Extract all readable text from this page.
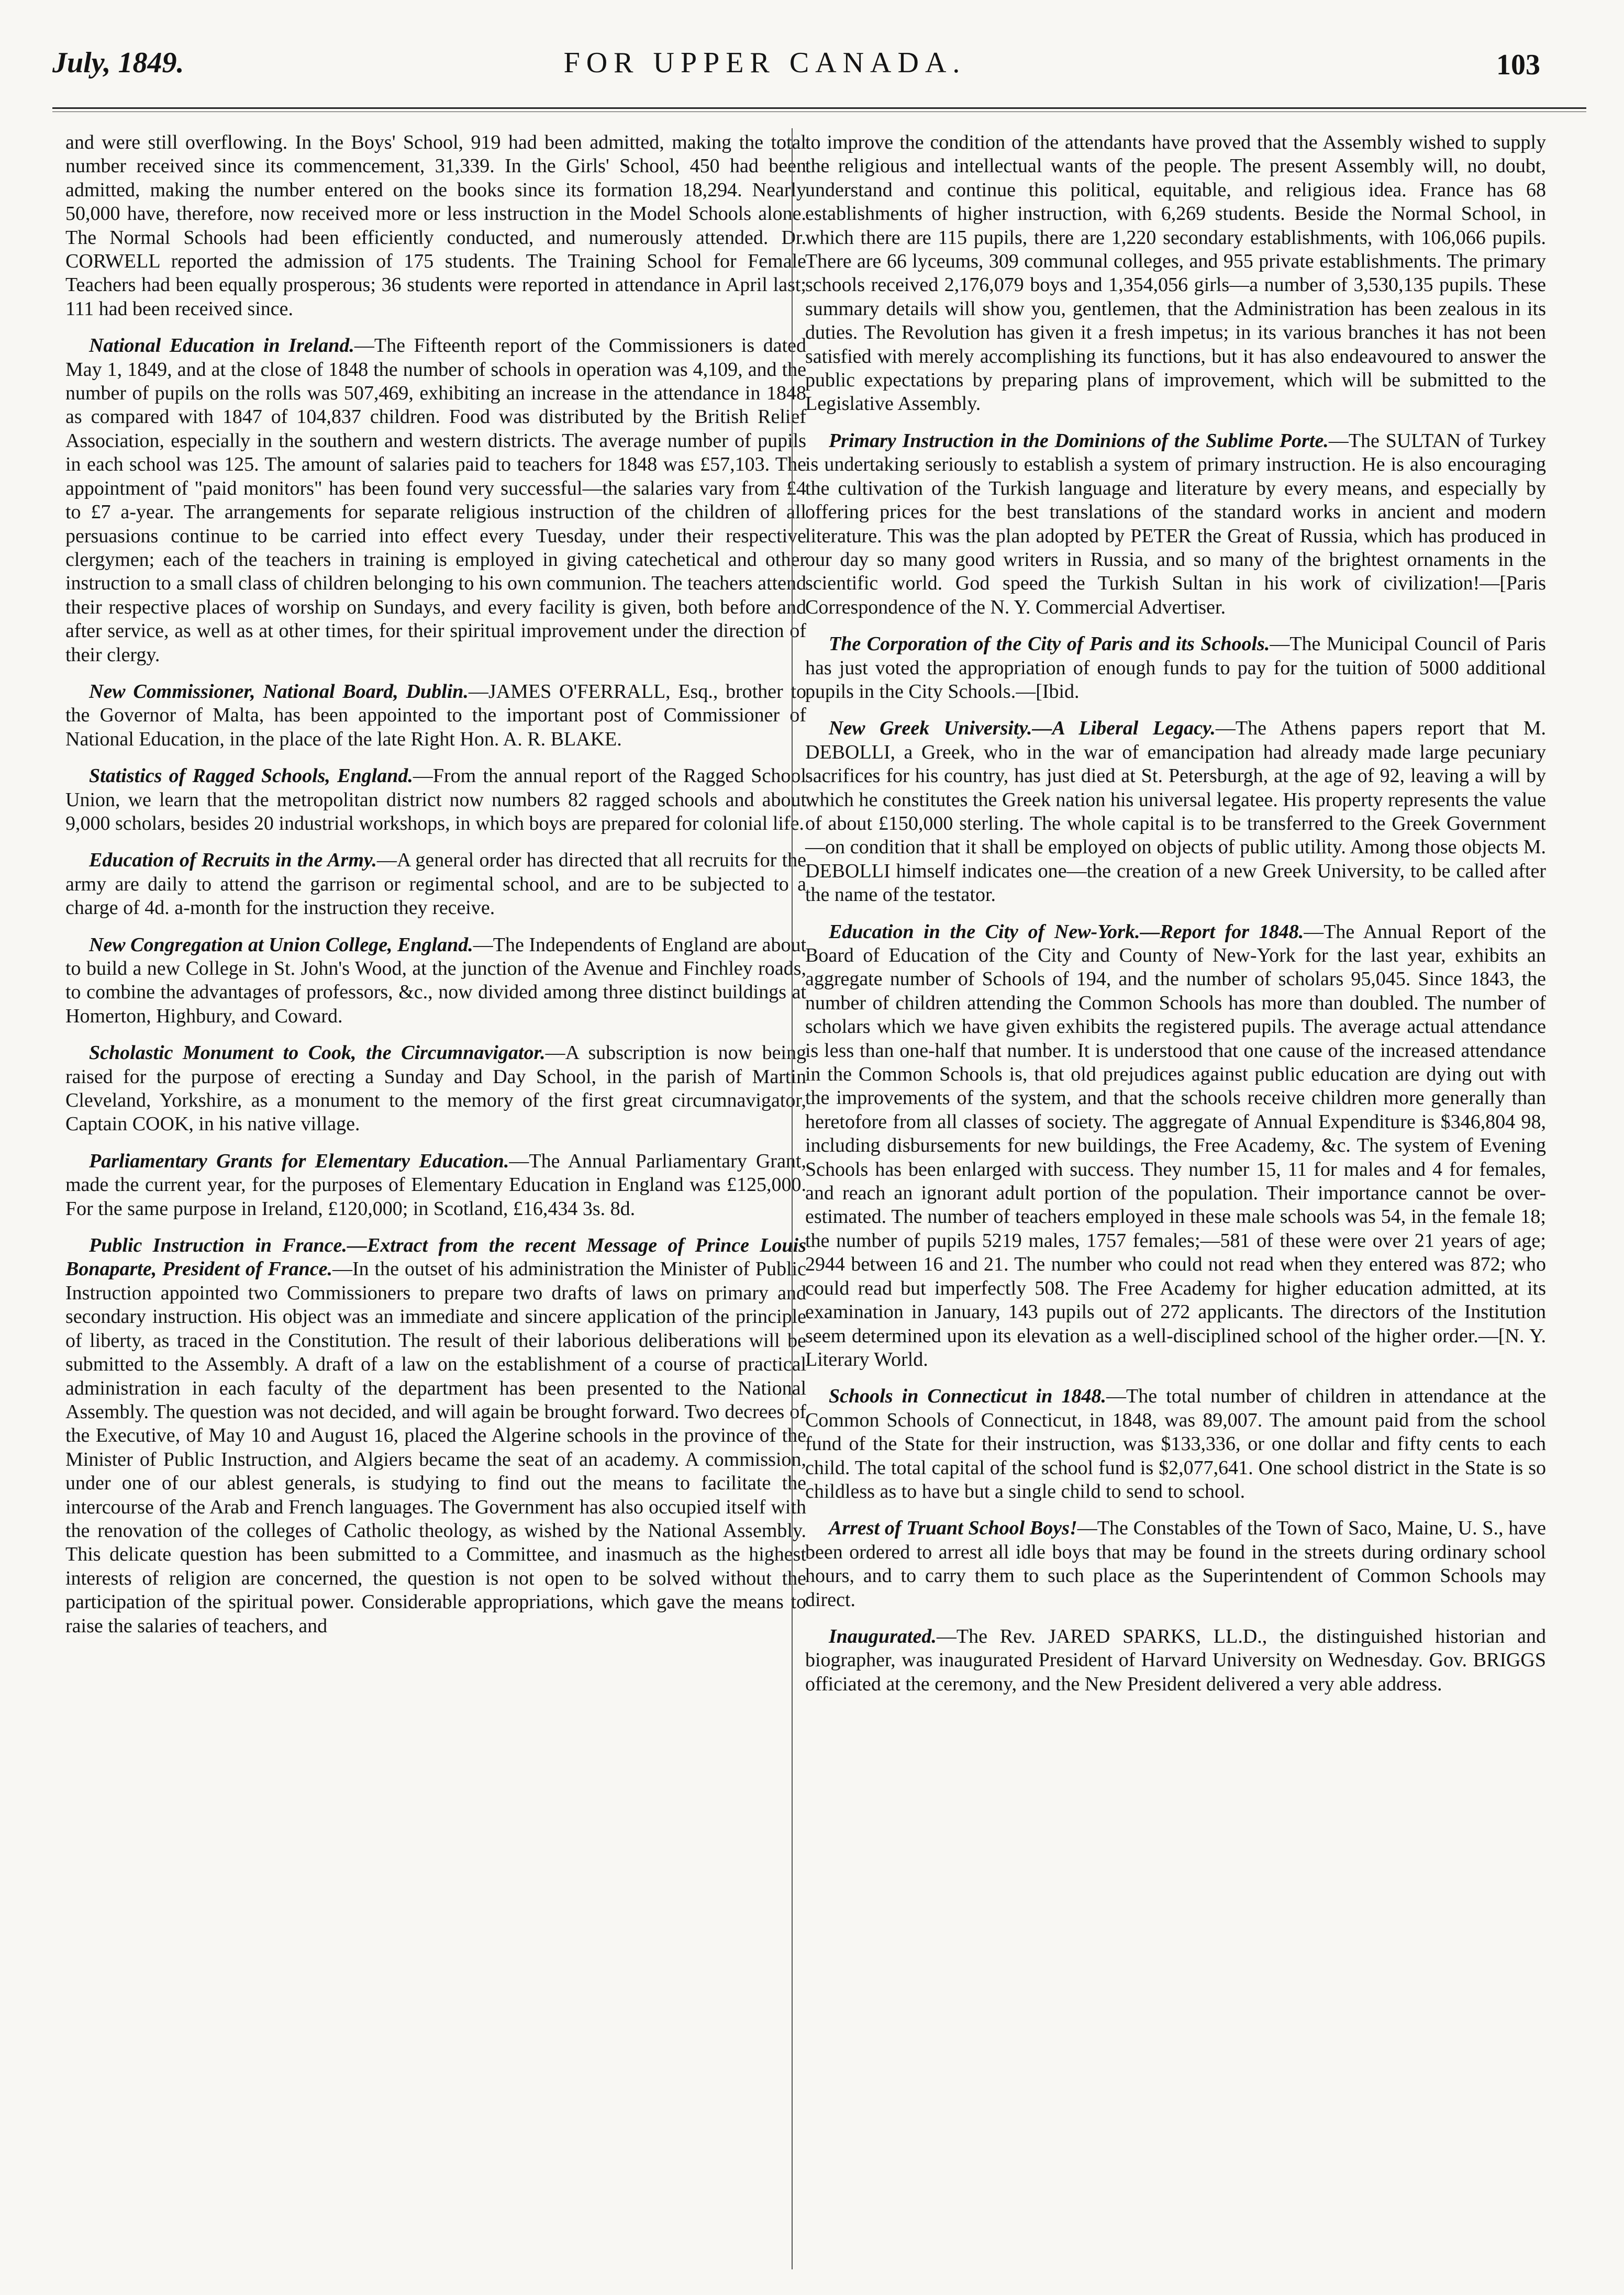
July, 1849.	FOR UPPER CANADA.	103

and were still overflowing. In the Boys' School, 919 had been admitted, making the total number received since its commencement, 31,339. In the Girls' School, 450 had been admitted, making the number entered on the books since its formation 18,294. Nearly 50,000 have, therefore, now received more or less instruction in the Model Schools alone. The Normal Schools had been efficiently conducted, and numerously attended. Dr. CORWELL reported the admission of 175 students. The Training School for Female Teachers had been equally prosperous; 36 students were reported in attendance in April last; 111 had been received since.

National Education in Ireland.—The Fifteenth report of the Commissioners is dated May 1, 1849, and at the close of 1848 the number of schools in operation was 4,109, and the number of pupils on the rolls was 507,469, exhibiting an increase in the attendance in 1848 as compared with 1847 of 104,837 children. Food was distributed by the British Relief Association, especially in the southern and western districts. The average number of pupils in each school was 125. The amount of salaries paid to teachers for 1848 was £57,103. The appointment of "paid monitors" has been found very successful—the salaries vary from £4 to £7 a-year. The arrangements for separate religious instruction of the children of all persuasions continue to be carried into effect every Tuesday, under their respective clergymen; each of the teachers in training is employed in giving catechetical and other instruction to a small class of children belonging to his own communion. The teachers attend their respective places of worship on Sundays, and every facility is given, both before and after service, as well as at other times, for their spiritual improvement under the direction of their clergy.

New Commissioner, National Board, Dublin.—JAMES O'FERRALL, Esq., brother to the Governor of Malta, has been appointed to the important post of Commissioner of National Education, in the place of the late Right Hon. A. R. BLAKE.

Statistics of Ragged Schools, England.—From the annual report of the Ragged School Union, we learn that the metropolitan district now numbers 82 ragged schools and about 9,000 scholars, besides 20 industrial workshops, in which boys are prepared for colonial life.

Education of Recruits in the Army.—A general order has directed that all recruits for the army are daily to attend the garrison or regimental school, and are to be subjected to a charge of 4d. a-month for the instruction they receive.

New Congregation at Union College, England.—The Independents of England are about to build a new College in St. John's Wood, at the junction of the Avenue and Finchley roads, to combine the advantages of professors, &c., now divided among three distinct buildings at Homerton, Highbury, and Coward.

Scholastic Monument to Cook, the Circumnavigator.—A subscription is now being raised for the purpose of erecting a Sunday and Day School, in the parish of Martin Cleveland, Yorkshire, as a monument to the memory of the first great circumnavigator, Captain COOK, in his native village.

Parliamentary Grants for Elementary Education.—The Annual Parliamentary Grant, made the current year, for the purposes of Elementary Education in England was £125,000. For the same purpose in Ireland, £120,000; in Scotland, £16,434 3s. 8d.

Public Instruction in France.—Extract from the recent Message of Prince Louis Bonaparte, President of France.—In the outset of his administration the Minister of Public Instruction appointed two Commissioners to prepare two drafts of laws on primary and secondary instruction. His object was an immediate and sincere application of the principle of liberty, as traced in the Constitution. The result of their laborious deliberations will be submitted to the Assembly. A draft of a law on the establishment of a course of practical administration in each faculty of the department has been presented to the National Assembly. The question was not decided, and will again be brought forward. Two decrees of the Executive, of May 10 and August 16, placed the Algerine schools in the province of the Minister of Public Instruction, and Algiers became the seat of an academy. A commission, under one of our ablest generals, is studying to find out the means to facilitate the intercourse of the Arab and French languages. The Government has also occupied itself with the renovation of the colleges of Catholic theology, as wished by the National Assembly. This delicate question has been submitted to a Committee, and inasmuch as the highest interests of religion are concerned, the question is not open to be solved without the participation of the spiritual power. Considerable appropriations, which gave the means to raise the salaries of teachers, and

to improve the condition of the attendants have proved that the Assembly wished to supply the religious and intellectual wants of the people. The present Assembly will, no doubt, understand and continue this political, equitable, and religious idea. France has 68 establishments of higher instruction, with 6,269 students. Beside the Normal School, in which there are 115 pupils, there are 1,220 secondary establishments, with 106,066 pupils. There are 66 lyceums, 309 communal colleges, and 955 private establishments. The primary schools received 2,176,079 boys and 1,354,056 girls—a number of 3,530,135 pupils. These summary details will show you, gentlemen, that the Administration has been zealous in its duties. The Revolution has given it a fresh impetus; in its various branches it has not been satisfied with merely accomplishing its functions, but it has also endeavoured to answer the public expectations by preparing plans of improvement, which will be submitted to the Legislative Assembly.

Primary Instruction in the Dominions of the Sublime Porte.—The SULTAN of Turkey is undertaking seriously to establish a system of primary instruction. He is also encouraging the cultivation of the Turkish language and literature by every means, and especially by offering prices for the best translations of the standard works in ancient and modern literature. This was the plan adopted by PETER the Great of Russia, which has produced in our day so many good writers in Russia, and so many of the brightest ornaments in the scientific world. God speed the Turkish Sultan in his work of civilization!—[Paris Correspondence of the N. Y. Commercial Advertiser.

The Corporation of the City of Paris and its Schools.—The Municipal Council of Paris has just voted the appropriation of enough funds to pay for the tuition of 5000 additional pupils in the City Schools.—[Ibid.

New Greek University.—A Liberal Legacy.—The Athens papers report that M. DEBOLLI, a Greek, who in the war of emancipation had already made large pecuniary sacrifices for his country, has just died at St. Petersburgh, at the age of 92, leaving a will by which he constitutes the Greek nation his universal legatee. His property represents the value of about £150,000 sterling. The whole capital is to be transferred to the Greek Government—on condition that it shall be employed on objects of public utility. Among those objects M. DEBOLLI himself indicates one—the creation of a new Greek University, to be called after the name of the testator.

Education in the City of New-York.—Report for 1848.—The Annual Report of the Board of Education of the City and County of New-York for the last year, exhibits an aggregate number of Schools of 194, and the number of scholars 95,045. Since 1843, the number of children attending the Common Schools has more than doubled. The number of scholars which we have given exhibits the registered pupils. The average actual attendance is less than one-half that number. It is understood that one cause of the increased attendance in the Common Schools is, that old prejudices against public education are dying out with the improvements of the system, and that the schools receive children more generally than heretofore from all classes of society. The aggregate of Annual Expenditure is $346,804 98, including disbursements for new buildings, the Free Academy, &c. The system of Evening Schools has been enlarged with success. They number 15, 11 for males and 4 for females, and reach an ignorant adult portion of the population. Their importance cannot be over-estimated. The number of teachers employed in these male schools was 54, in the female 18; the number of pupils 5219 males, 1757 females;—581 of these were over 21 years of age; 2944 between 16 and 21. The number who could not read when they entered was 872; who could read but imperfectly 508. The Free Academy for higher education admitted, at its examination in January, 143 pupils out of 272 applicants. The directors of the Institution seem determined upon its elevation as a well-disciplined school of the higher order.—[N. Y. Literary World.

Schools in Connecticut in 1848.—The total number of children in attendance at the Common Schools of Connecticut, in 1848, was 89,007. The amount paid from the school fund of the State for their instruction, was $133,336, or one dollar and fifty cents to each child. The total capital of the school fund is $2,077,641. One school district in the State is so childless as to have but a single child to send to school.

Arrest of Truant School Boys!—The Constables of the Town of Saco, Maine, U. S., have been ordered to arrest all idle boys that may be found in the streets during ordinary school hours, and to carry them to such place as the Superintendent of Common Schools may direct.

Inaugurated.—The Rev. JARED SPARKS, LL.D., the distinguished historian and biographer, was inaugurated President of Harvard University on Wednesday. Gov. BRIGGS officiated at the ceremony, and the New President delivered a very able address.
